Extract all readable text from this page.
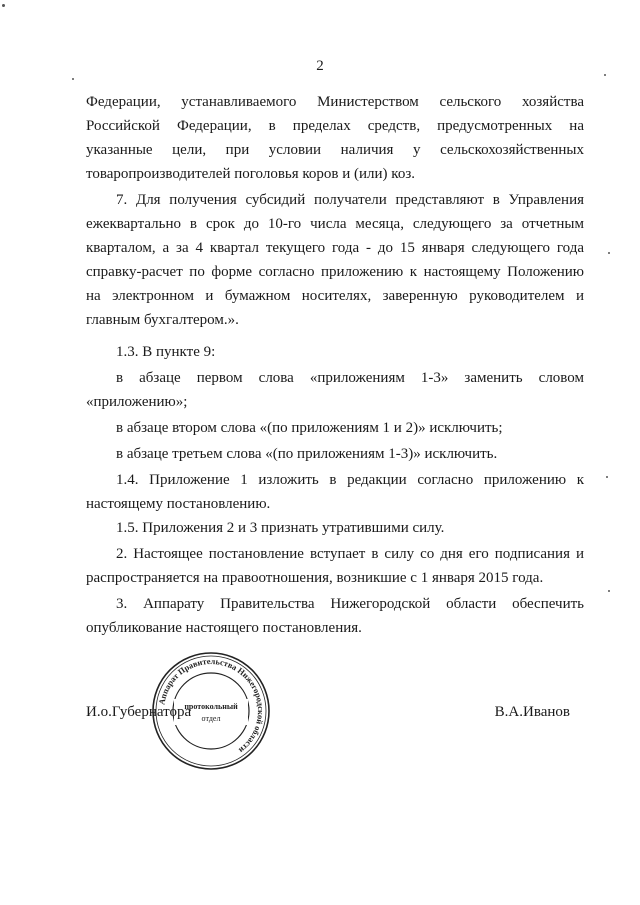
2
Федерации, устанавливаемого Министерством сельского хозяйства
Российской Федерации, в пределах средств, предусмотренных на
указанные цели, при условии наличия у сельскохозяйственных
товаропроизводителей поголовья коров и (или) коз.
7. Для получения субсидий получатели представляют в Управления
ежеквартально в срок до 10-го числа месяца, следующего за отчетным
кварталом, а за 4 квартал текущего года - до 15 января следующего года
справку-расчет по форме согласно приложению к настоящему Положению
на электронном и бумажном носителях, заверенную руководителем и
главным бухгалтером.».
1.3. В пункте 9:
в абзаце первом слова «приложениям 1-3» заменить словом
«приложению»;
в абзаце втором слова «(по приложениям 1 и 2)» исключить;
в абзаце третьем слова «(по приложениям 1-3)» исключить.
1.4. Приложение 1 изложить в редакции согласно приложению к
настоящему постановлению.
1.5. Приложения 2 и 3 признать утратившими силу.
2. Настоящее постановление вступает в силу со дня его подписания и
распространяется на правоотношения, возникшие с 1 января 2015 года.
3. Аппарату Правительства Нижегородской области обеспечить
опубликование настоящего постановления.
Аппарат Правительства Нижегородской области
протокольный
отдел
И.о.Губернатора	В.А.Иванов
